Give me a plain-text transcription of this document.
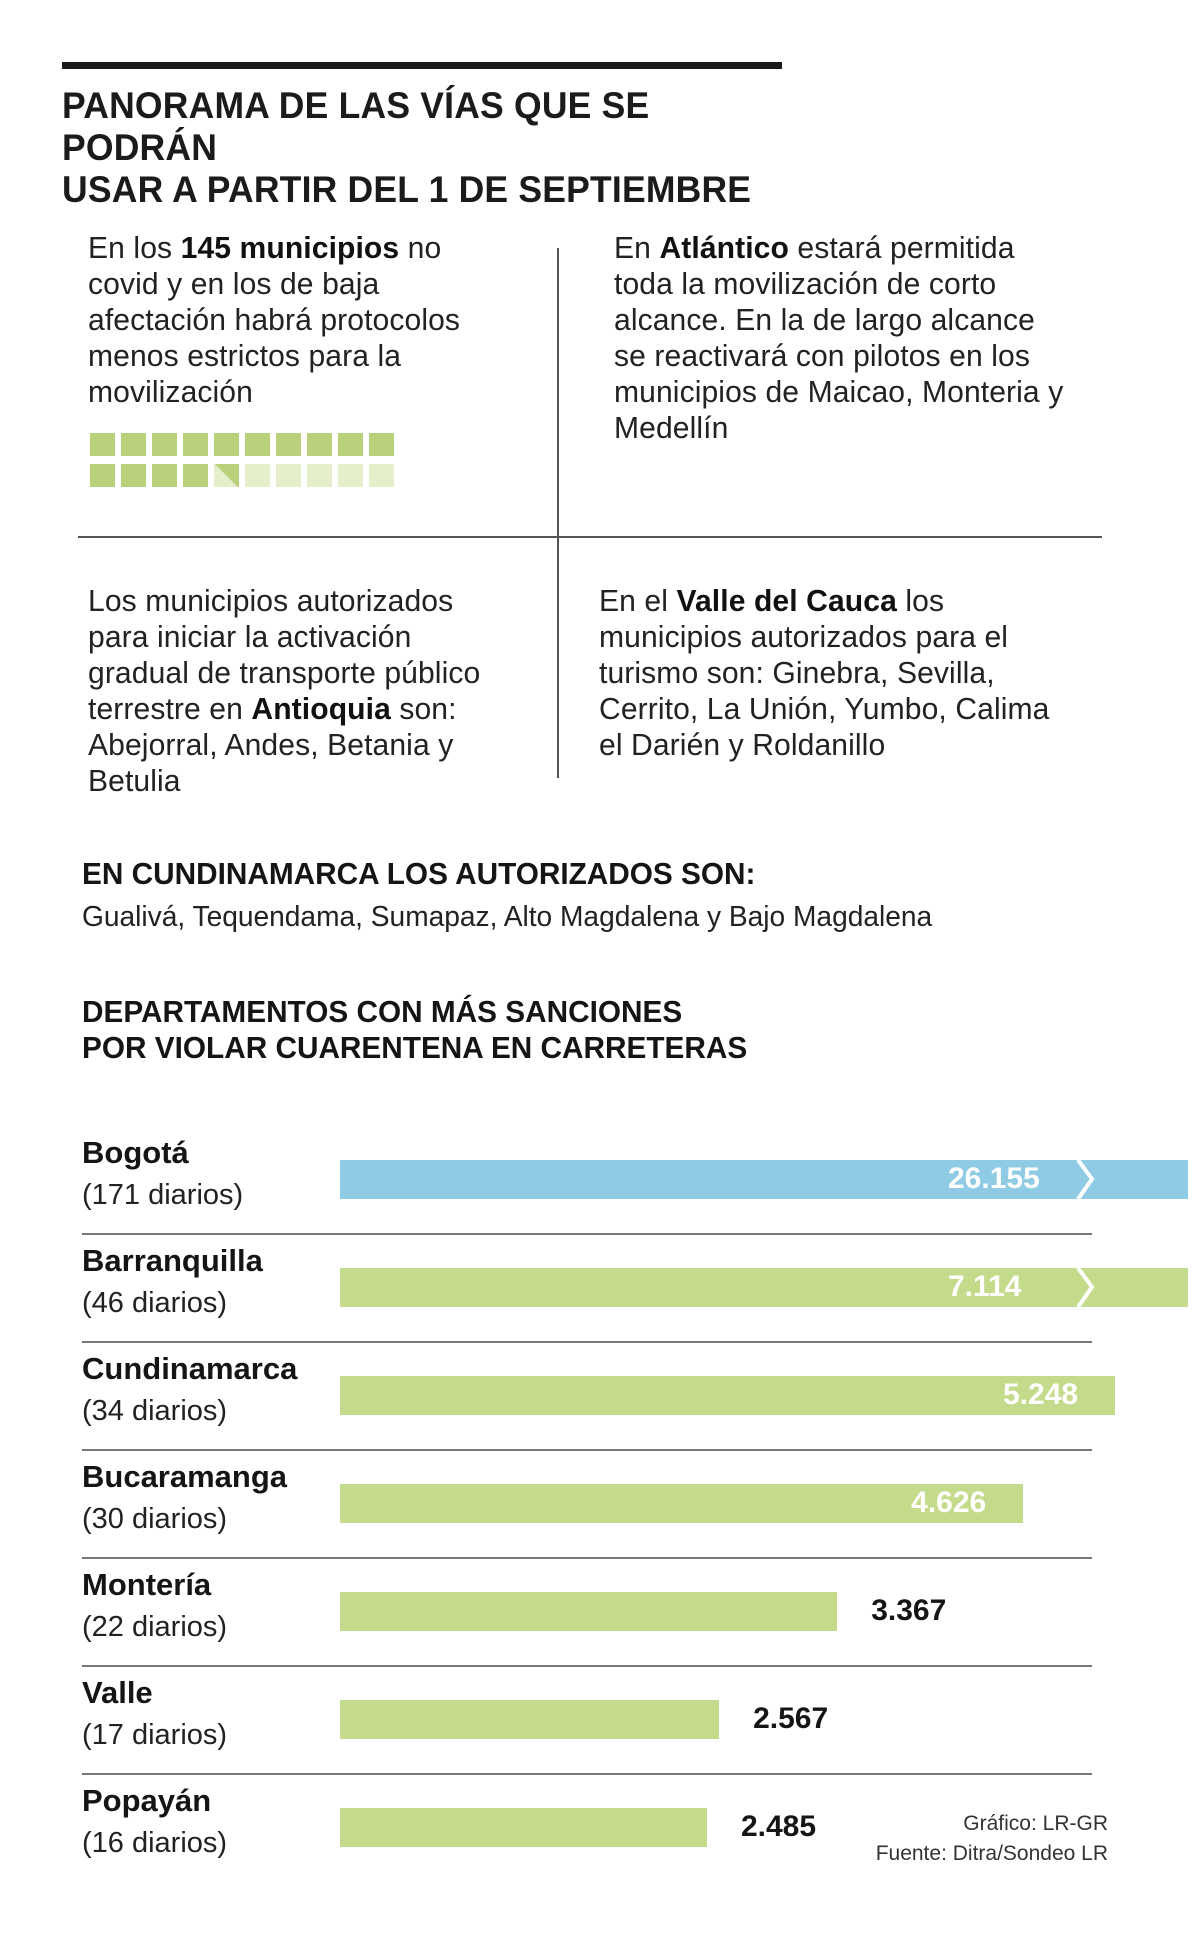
PANORAMA DE LAS VÍAS QUE SE PODRÁN
USAR A PARTIR DEL 1 DE SEPTIEMBRE
En los 145 municipios no covid y en los de baja afectación habrá protocolos menos estrictos para la movilización
En Atlántico estará permitida toda la movilización de corto alcance. En la de largo alcance se reactivará con pilotos en los municipios de Maicao, Monteria y Medellín
Los municipios autorizados para iniciar la activación gradual de transporte público terrestre en Antioquia son: Abejorral, Andes, Betania y Betulia
En el Valle del Cauca los municipios autorizados para el turismo son: Ginebra, Sevilla, Cerrito, La Unión, Yumbo, Calima el Darién y Roldanillo
EN CUNDINAMARCA LOS AUTORIZADOS SON:
Gualivá, Tequendama, Sumapaz, Alto Magdalena y Bajo Magdalena
DEPARTAMENTOS CON MÁS SANCIONES
POR VIOLAR CUARENTENA EN CARRETERAS
Bogotá
(171 diarios)	26.155
Barranquilla
(46 diarios)	7.114
Cundinamarca
(34 diarios)	5.248
Bucaramanga
(30 diarios)	4.626
Montería
(22 diarios)	3.367
Valle
(17 diarios)	2.567
Popayán
(16 diarios)	2.485	Gráfico: LR-GR
Fuente: Ditra/Sondeo LR
